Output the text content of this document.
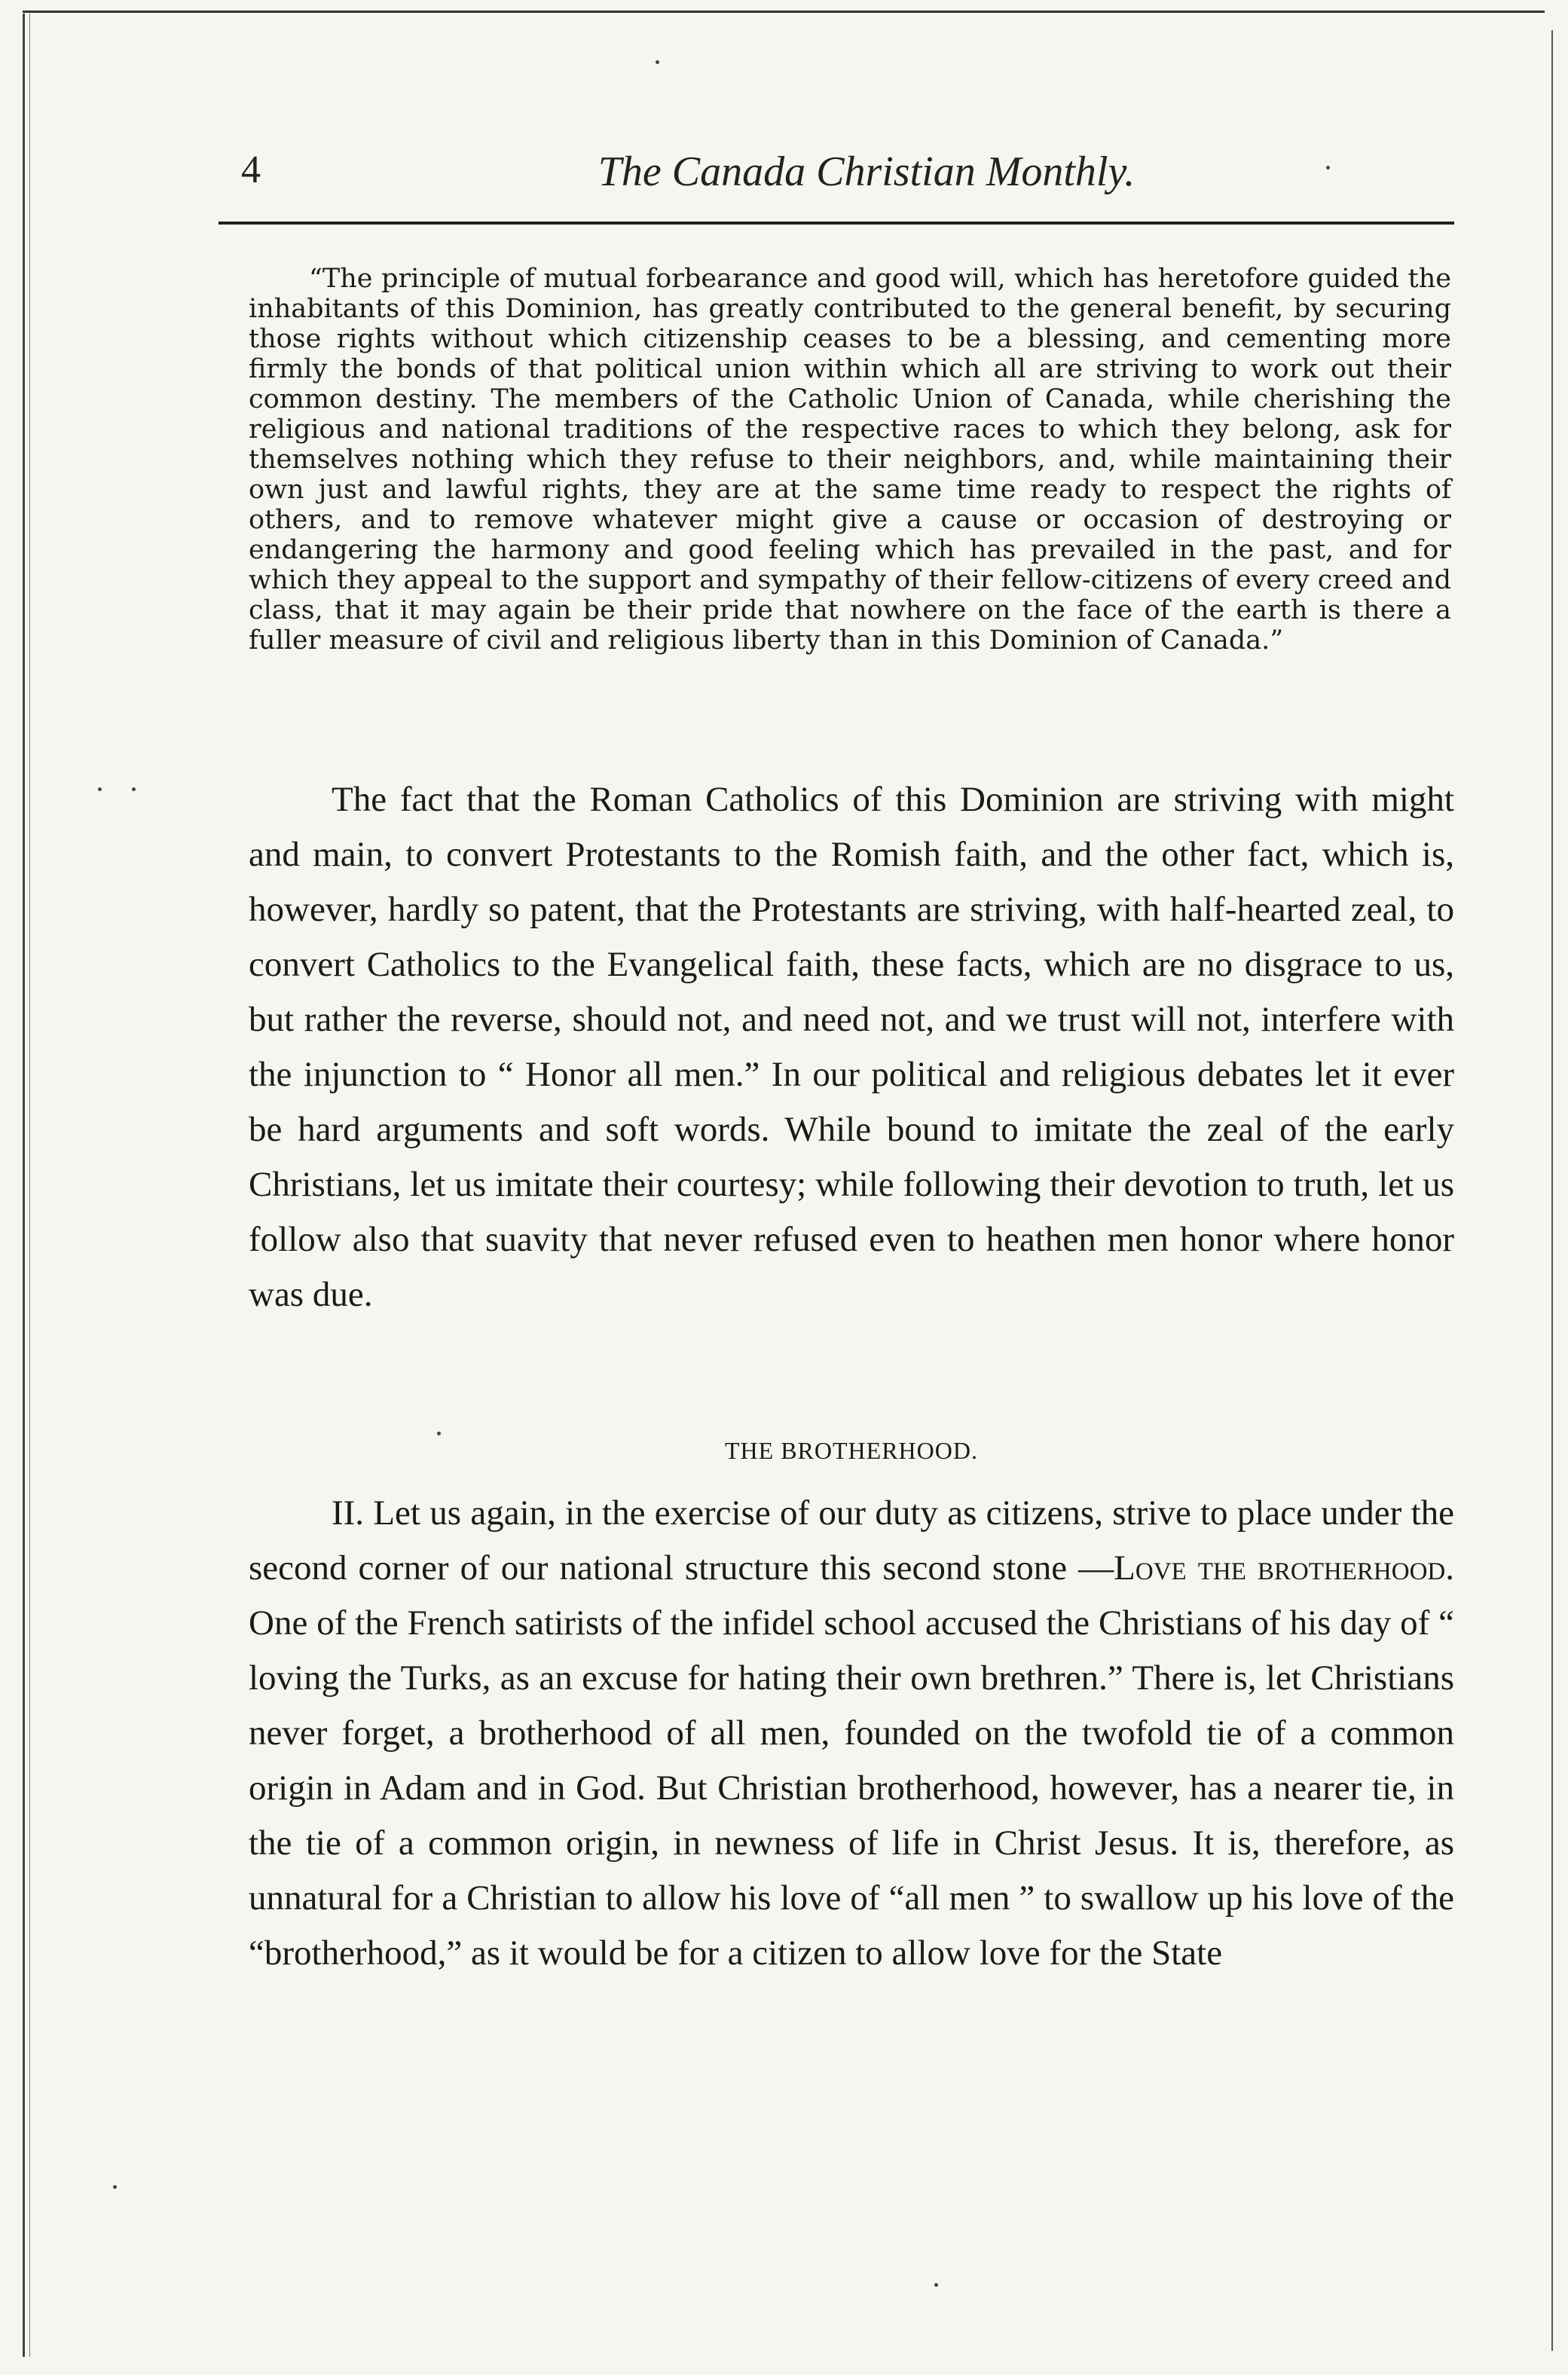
4	The Canada Christian Monthly.

“The principle of mutual forbearance and good will, which has heretofore guided the inhabitants of this Dominion, has greatly contributed to the general benefit, by securing those rights without which citizenship ceases to be a blessing, and cementing more firmly the bonds of that political union within which all are striving to work out their common destiny. The members of the Catholic Union of Canada, while cherishing the religious and national traditions of the respective races to which they belong, ask for themselves nothing which they refuse to their neighbors, and, while maintaining their own just and lawful rights, they are at the same time ready to respect the rights of others, and to remove whatever might give a cause or occasion of destroying or endangering the harmony and good feeling which has prevailed in the past, and for which they appeal to the support and sympathy of their fellow-citizens of every creed and class, that it may again be their pride that nowhere on the face of the earth is there a fuller measure of civil and religious liberty than in this Dominion of Canada.”

The fact that the Roman Catholics of this Dominion are striving with might and main, to convert Protestants to the Romish faith, and the other fact, which is, however, hardly so patent, that the Protestants are striving, with half-hearted zeal, to convert Catholics to the Evangelical faith, these facts, which are no disgrace to us, but rather the reverse, should not, and need not, and we trust will not, interfere with the injunction to “ Honor all men.” In our political and religious debates let it ever be hard arguments and soft words. While bound to imitate the zeal of the early Christians, let us imitate their courtesy; while following their devotion to truth, let us follow also that suavity that never refused even to heathen men honor where honor was due.

THE BROTHERHOOD.

II. Let us again, in the exercise of our duty as citizens, strive to place under the second corner of our national structure this second stone —Love the brotherhood. One of the French satirists of the infidel school accused the Christians of his day of “ loving the Turks, as an excuse for hating their own brethren.” There is, let Christians never forget, a brotherhood of all men, founded on the twofold tie of a common origin in Adam and in God. But Christian brotherhood, however, has a nearer tie, in the tie of a common origin, in newness of life in Christ Jesus. It is, therefore, as unnatural for a Christian to allow his love of “all men ” to swallow up his love of the “brotherhood,” as it would be for a citizen to allow love for the State
